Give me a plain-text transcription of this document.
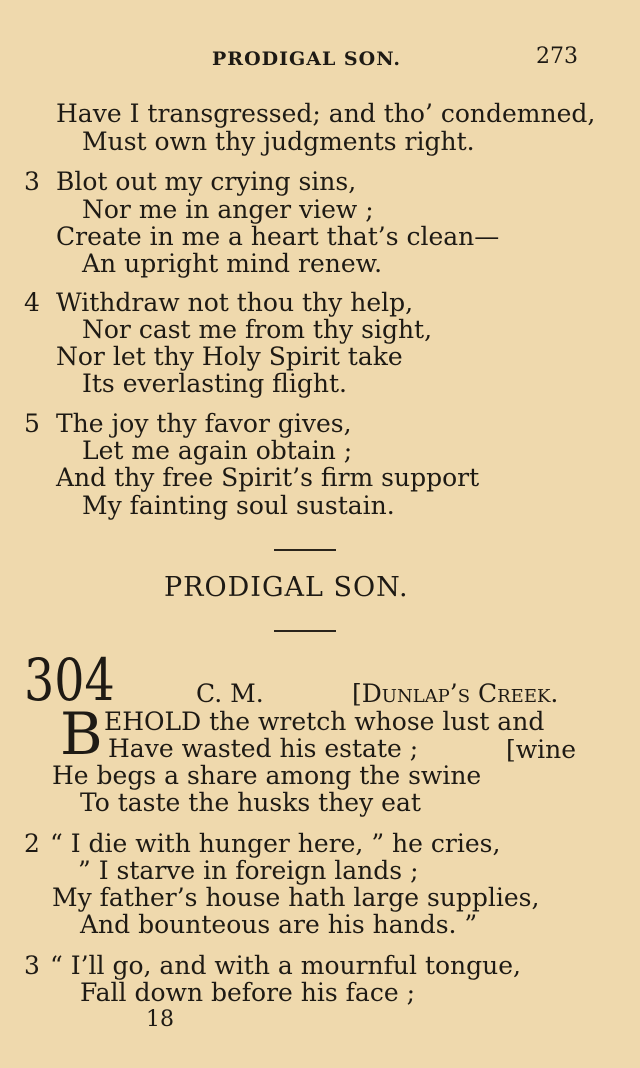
PRODIGAL SON.	273
Have I transgressed; and tho’ condemned,
Must own thy judgments right.
3 Blot out my crying sins,
Nor me in anger view ;
Create in me a heart that’s clean—
An upright mind renew.
4 Withdraw not thou thy help,
Nor cast me from thy sight,
Nor let thy Holy Spirit take
Its everlasting flight.
5 The joy thy favor gives,
Let me again obtain ;
And thy free Spirit’s firm support
My fainting soul sustain.
PRODIGAL SON.
304	C. M.	[Dunlap’s Creek.
B EHOLD the wretch whose lust and
Have wasted his estate ;	[wine
He begs a share among the swine
To taste the husks they eat
2 “ I die with hunger here, ” he cries,
” I starve in foreign lands ;
My father’s house hath large supplies,
And bounteous are his hands. ”
3 “ I’ll go, and with a mournful tongue,
Fall down before his face ;
18
